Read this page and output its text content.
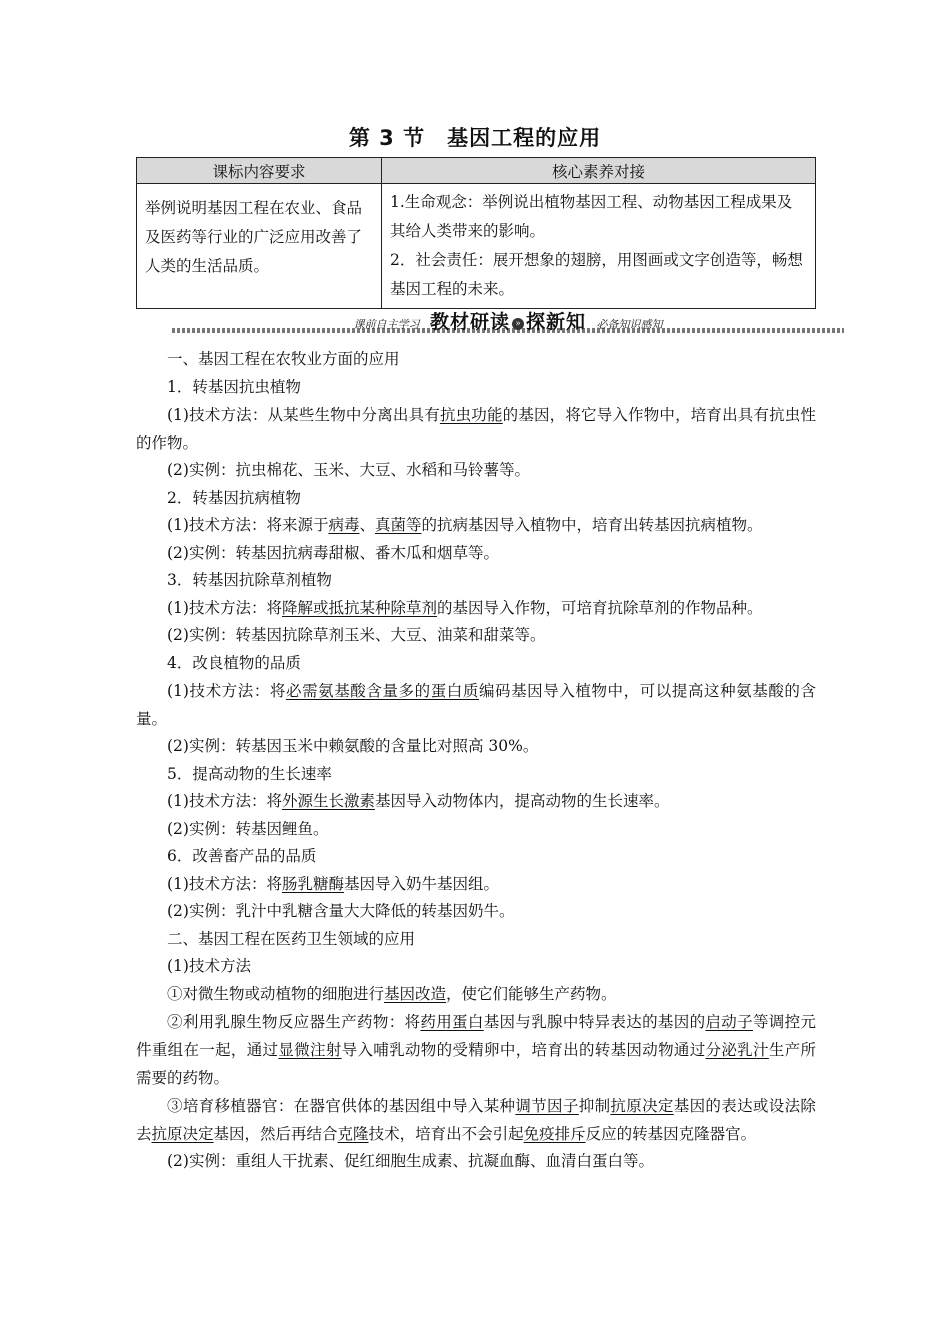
第 3 节　基因工程的应用
课标内容要求	核心素养对接
举例说明基因工程在农业、食品及医药等行业的广泛应用改善了人类的生活品质。	1.生命观念：举例说出植物基因工程、动物基因工程成果及其给人类带来的影响。
2．社会责任：展开想象的翅膀，用图画或文字创造等，畅想基因工程的未来。
课前自主学习 教材研读 » 探新知 必备知识感知

一、基因工程在农牧业方面的应用

1．转基因抗虫植物

(1)技术方法：从某些生物中分离出具有抗虫功能的基因，将它导入作物中，培育出具有抗虫性的作物。

(2)实例：抗虫棉花、玉米、大豆、水稻和马铃薯等。

2．转基因抗病植物

(1)技术方法：将来源于病毒、真菌等的抗病基因导入植物中，培育出转基因抗病植物。

(2)实例：转基因抗病毒甜椒、番木瓜和烟草等。

3．转基因抗除草剂植物

(1)技术方法：将降解或抵抗某种除草剂的基因导入作物，可培育抗除草剂的作物品种。

(2)实例：转基因抗除草剂玉米、大豆、油菜和甜菜等。

4．改良植物的品质

(1)技术方法：将必需氨基酸含量多的蛋白质编码基因导入植物中，可以提高这种氨基酸的含量。

(2)实例：转基因玉米中赖氨酸的含量比对照高 30%。

5．提高动物的生长速率

(1)技术方法：将外源生长激素基因导入动物体内，提高动物的生长速率。

(2)实例：转基因鲤鱼。

6．改善畜产品的品质

(1)技术方法：将肠乳糖酶基因导入奶牛基因组。

(2)实例：乳汁中乳糖含量大大降低的转基因奶牛。

二、基因工程在医药卫生领域的应用

(1)技术方法

①对微生物或动植物的细胞进行基因改造，使它们能够生产药物。

②利用乳腺生物反应器生产药物：将药用蛋白基因与乳腺中特异表达的基因的启动子等调控元件重组在一起，通过显微注射导入哺乳动物的受精卵中，培育出的转基因动物通过分泌乳汁生产所需要的药物。

③培育移植器官：在器官供体的基因组中导入某种调节因子抑制抗原决定基因的表达或设法除去抗原决定基因，然后再结合克隆技术，培育出不会引起免疫排斥反应的转基因克隆器官。

(2)实例：重组人干扰素、促红细胞生成素、抗凝血酶、血清白蛋白等。
